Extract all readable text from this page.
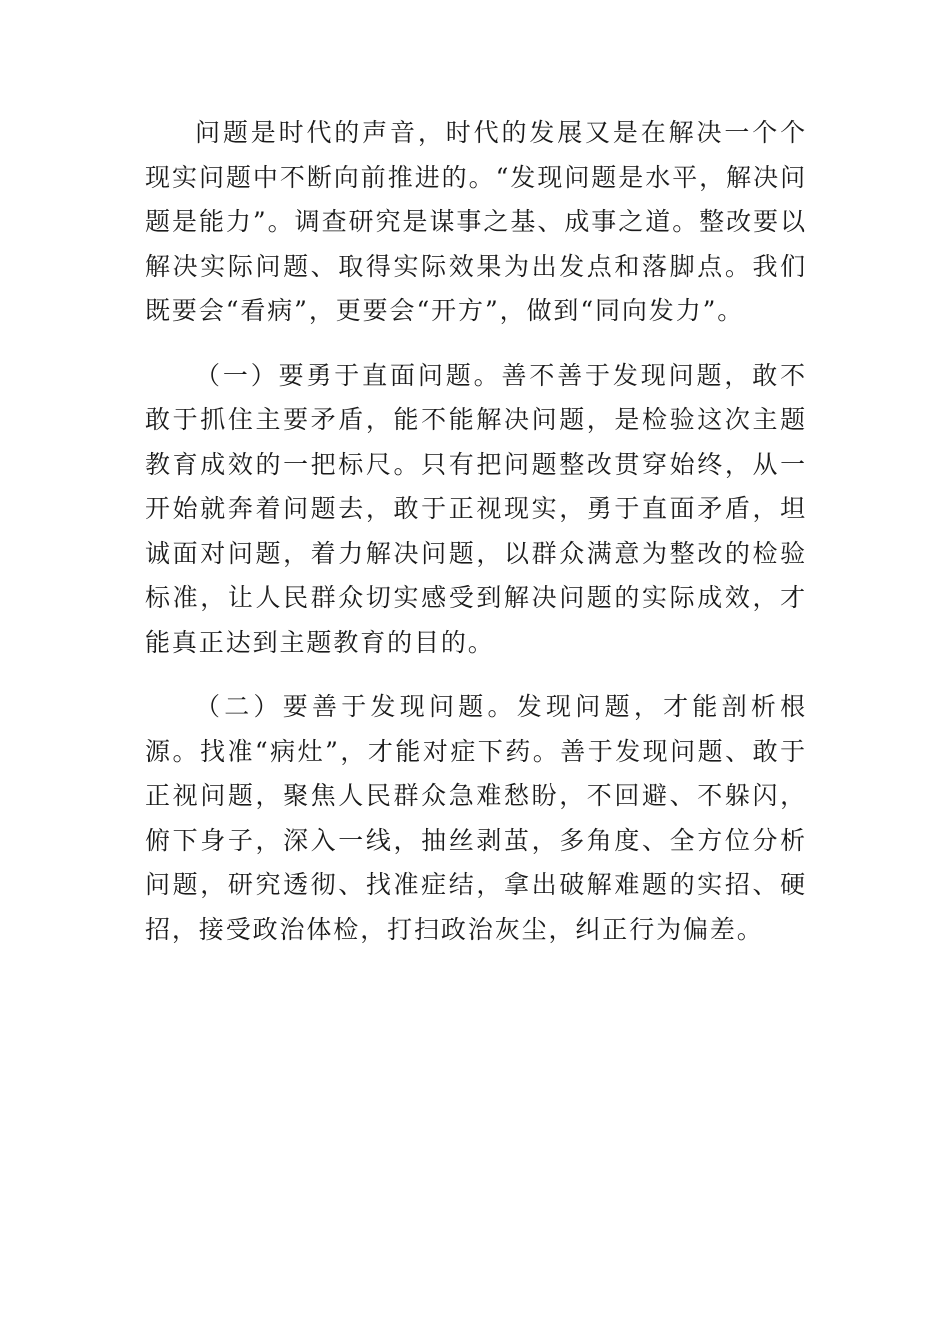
问题是时代的声音，时代的发展又是在解决一个个现实问题中不断向前推进的。“发现问题是水平，解决问题是能力”。调查研究是谋事之基、成事之道。整改要以解决实际问题、取得实际效果为出发点和落脚点。我们既要会“看病”，更要会“开方”，做到“同向发力”。

（一）要勇于直面问题。善不善于发现问题，敢不敢于抓住主要矛盾，能不能解决问题，是检验这次主题教育成效的一把标尺。只有把问题整改贯穿始终，从一开始就奔着问题去，敢于正视现实，勇于直面矛盾，坦诚面对问题，着力解决问题，以群众满意为整改的检验标准，让人民群众切实感受到解决问题的实际成效，才能真正达到主题教育的目的。

（二）要善于发现问题。发现问题，才能剖析根源。找准“病灶”，才能对症下药。善于发现问题、敢于正视问题，聚焦人民群众急难愁盼，不回避、不躲闪，俯下身子，深入一线，抽丝剥茧，多角度、全方位分析问题，研究透彻、找准症结，拿出破解难题的实招、硬招，接受政治体检，打扫政治灰尘，纠正行为偏差。
